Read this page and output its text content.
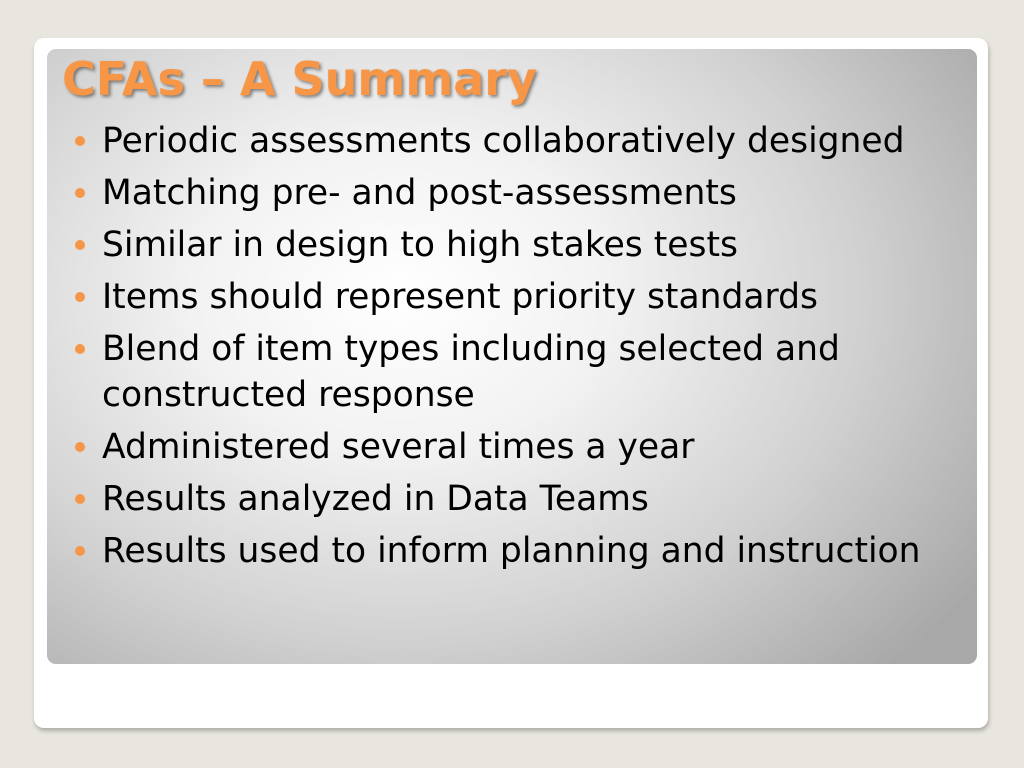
CFAs – A Summary
Periodic assessments collaboratively designed
Matching pre- and post-assessments
Similar in design to high stakes tests
Items should represent priority standards
Blend of item types including selected and constructed response
Administered several times a year
Results analyzed in Data Teams
Results used to inform planning and instruction
